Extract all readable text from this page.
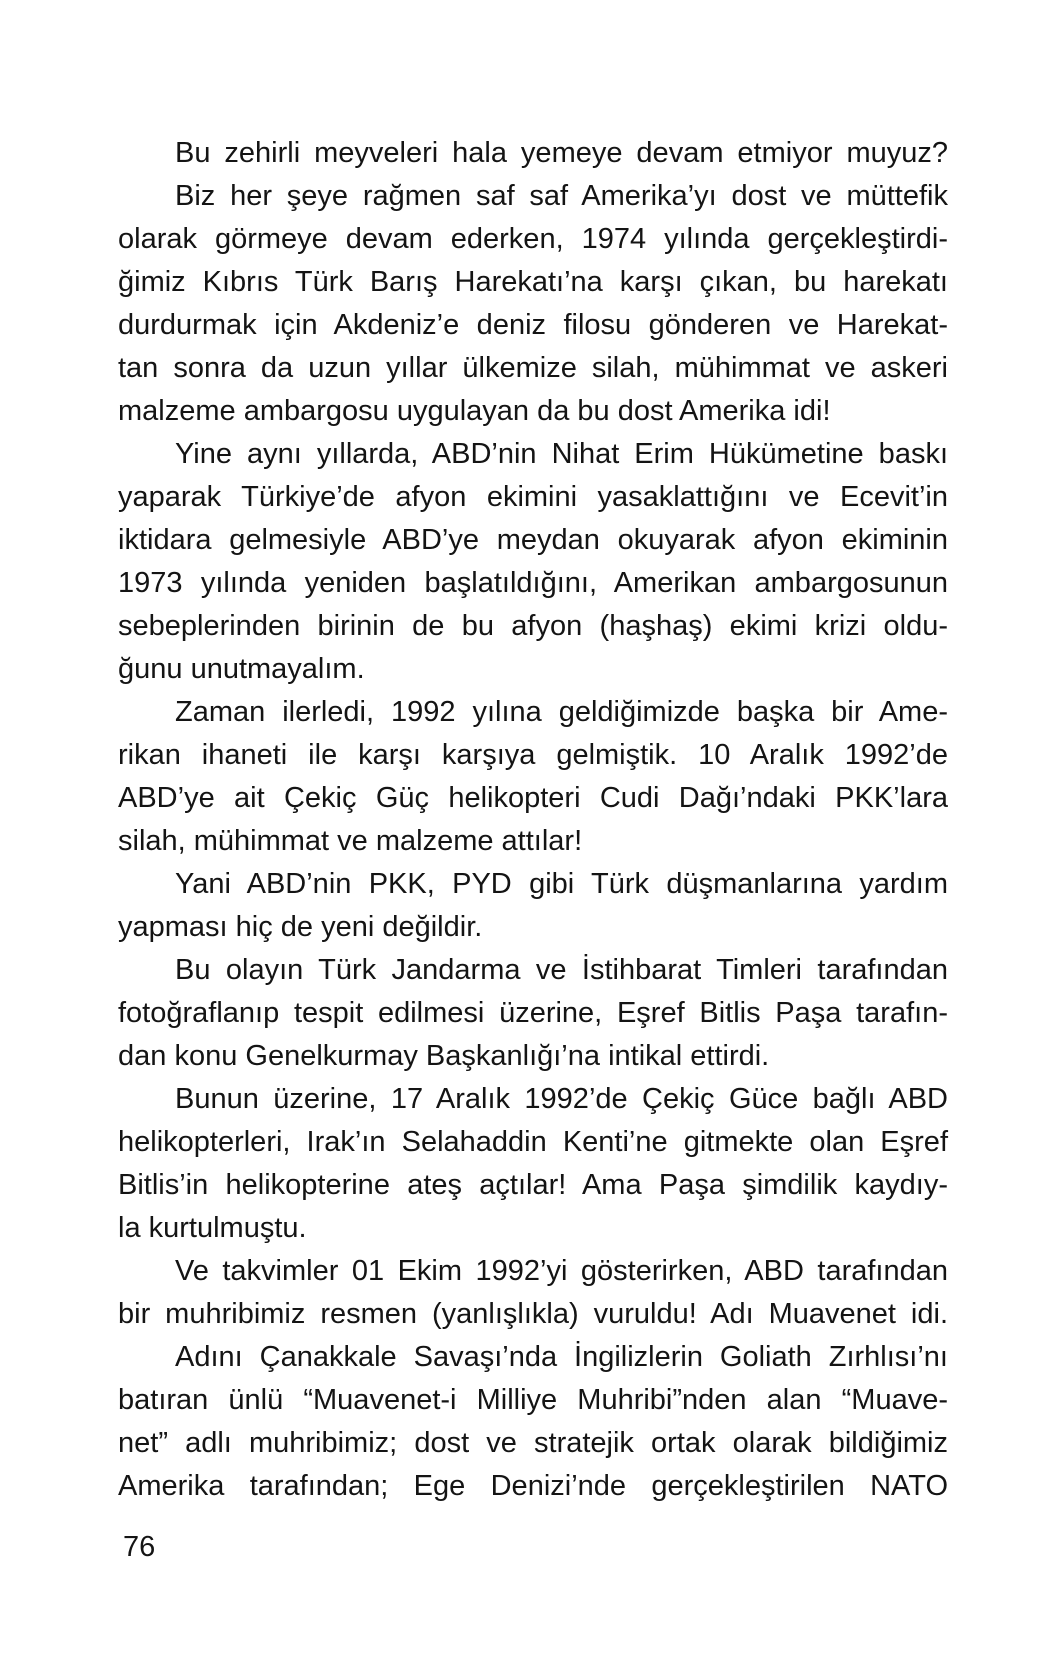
Bu zehirli meyveleri hala yemeye devam etmiyor muyuz?
Biz her şeye rağmen saf saf Amerika’yı dost ve müttefik
olarak görmeye devam ederken, 1974 yılında gerçekleştirdi-
ğimiz Kıbrıs Türk Barış Harekatı’na karşı çıkan, bu harekatı
durdurmak için Akdeniz’e deniz filosu gönderen ve Harekat-
tan sonra da uzun yıllar ülkemize silah, mühimmat ve askeri
malzeme ambargosu uygulayan da bu dost Amerika idi!
Yine aynı yıllarda, ABD’nin Nihat Erim Hükümetine baskı
yaparak Türkiye’de afyon ekimini yasaklattığını ve Ecevit’in
iktidara gelmesiyle ABD’ye meydan okuyarak afyon ekiminin
1973 yılında yeniden başlatıldığını, Amerikan ambargosunun
sebeplerinden birinin de bu afyon (haşhaş) ekimi krizi oldu-
ğunu unutmayalım.
Zaman ilerledi, 1992 yılına geldiğimizde başka bir Ame-
rikan ihaneti ile karşı karşıya gelmiştik. 10 Aralık 1992’de
ABD’ye ait Çekiç Güç helikopteri Cudi Dağı’ndaki PKK’lara
silah, mühimmat ve malzeme attılar!
Yani ABD’nin PKK, PYD gibi Türk düşmanlarına yardım
yapması hiç de yeni değildir.
Bu olayın Türk Jandarma ve İstihbarat Timleri tarafından
fotoğraflanıp tespit edilmesi üzerine, Eşref Bitlis Paşa tarafın-
dan konu Genelkurmay Başkanlığı’na intikal ettirdi.
Bunun üzerine, 17 Aralık 1992’de Çekiç Güce bağlı ABD
helikopterleri, Irak’ın Selahaddin Kenti’ne gitmekte olan Eşref
Bitlis’in helikopterine ateş açtılar! Ama Paşa şimdilik kaydıy-
la kurtulmuştu.
Ve takvimler 01 Ekim 1992’yi gösterirken, ABD tarafından
bir muhribimiz resmen (yanlışlıkla) vuruldu! Adı Muavenet idi.
Adını Çanakkale Savaşı’nda İngilizlerin Goliath Zırhlısı’nı
batıran ünlü “Muavenet-i Milliye Muhribi”nden alan “Muave-
net” adlı muhribimiz; dost ve stratejik ortak olarak bildiğimiz
Amerika tarafından; Ege Denizi’nde gerçekleştirilen NATO
76
